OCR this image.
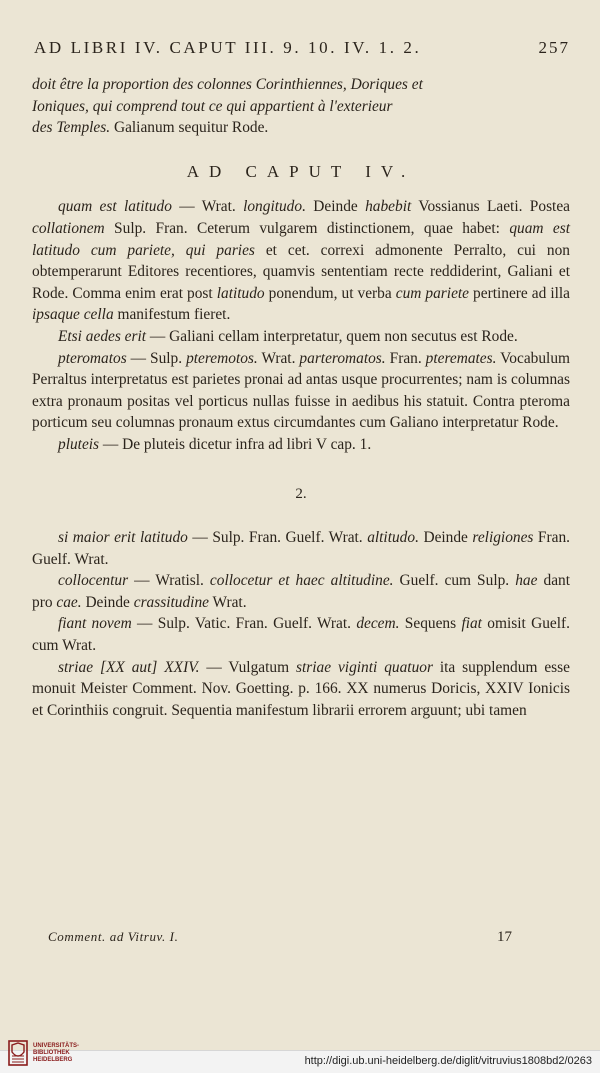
AD LIBRI IV. CAPUT III. 9. 10. IV. 1. 2.	257

doit être la proportion des colonnes Corinthiennes, Doriques et
Ioniques, qui comprend tout ce qui appartient à l'exterieur
des Temples. Galianum sequitur Rode.

AD CAPUT IV.

quam est latitudo — Wrat. longitudo. Deinde habebit Vossianus Laeti. Postea collationem Sulp. Fran. Ceterum vulgarem distinctionem, quae habet: quam est latitudo cum pariete, qui paries et cet. correxi admonente Perralto, cui non obtemperarunt Editores recentiores, quamvis sententiam recte reddiderint, Galiani et Rode. Comma enim erat post latitudo ponendum, ut verba cum pariete pertinere ad illa ipsaque cella manifestum fieret.

Etsi aedes erit — Galiani cellam interpretatur, quem non secutus est Rode.

pteromatos — Sulp. pteremotos. Wrat. parteromatos. Fran. pteremates. Vocabulum Perraltus interpretatus est parietes pronai ad antas usque procurrentes; nam is columnas extra pronaum positas vel porticus nullas fuisse in aedibus his statuit. Contra pteroma porticum seu columnas pronaum extus circumdantes cum Galiano interpretatur Rode.

pluteis — De pluteis dicetur infra ad libri V cap. 1.

2.

si maior erit latitudo — Sulp. Fran. Guelf. Wrat. altitudo. Deinde religiones Fran. Guelf. Wrat.

collocentur — Wratisl. collocetur et haec altitudine. Guelf. cum Sulp. hae dant pro cae. Deinde crassitudine Wrat.

fiant novem — Sulp. Vatic. Fran. Guelf. Wrat. decem. Sequens fiat omisit Guelf. cum Wrat.

striae [XX aut] XXIV. — Vulgatum striae viginti quatuor ita supplendum esse monuit Meister Comment. Nov. Goetting. p. 166. XX numerus Doricis, XXIV Ionicis et Corinthiis congruit. Sequentia manifestum librarii errorem arguunt; ubi tamen

Comment. ad Vitruv. I.	17
UNIVERSITÄTS-
BIBLIOTHEK
HEIDELBERG	http://digi.ub.uni-heidelberg.de/diglit/vitruvius1808bd2/0263
